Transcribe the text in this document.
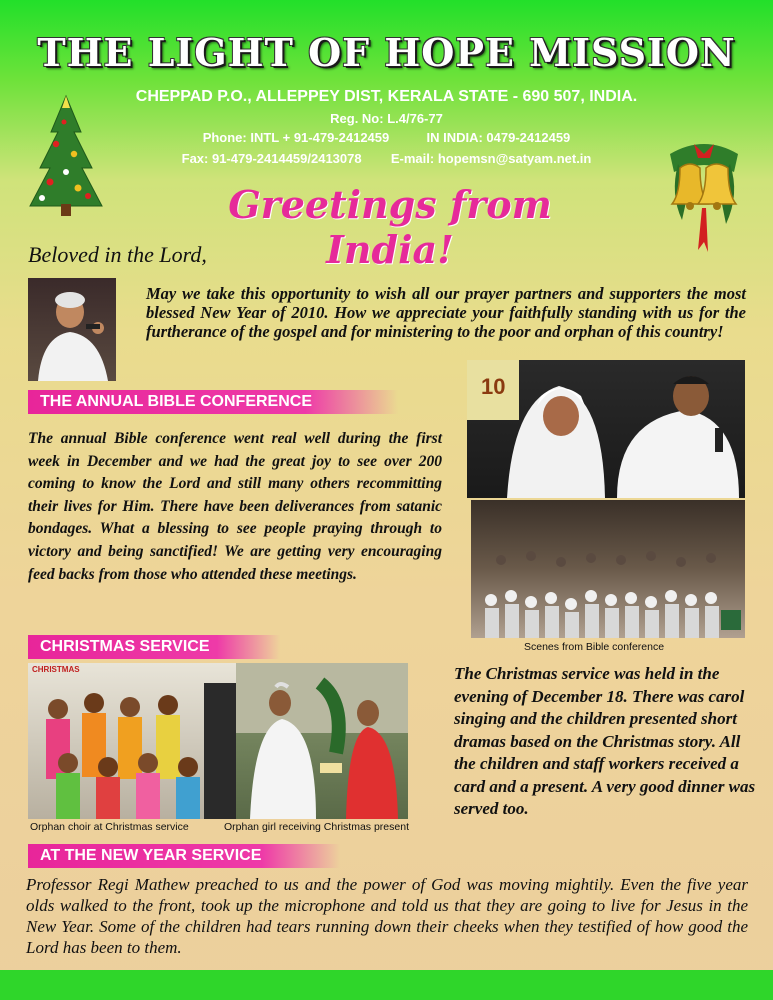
THE LIGHT OF HOPE MISSION
CHEPPAD P.O., ALLEPPEY DIST, KERALA STATE - 690 507, INDIA.
Reg. No: L.4/76-77
Phone: INTL + 91-479-2412459	IN INDIA: 0479-2412459
Fax: 91-479-2414459/2413078 E-mail: hopemsn@satyam.net.in
Greetings from India!
Beloved in the Lord,
May we take this opportunity to wish all our prayer partners and supporters the most blessed New Year of 2010. How we appreciate your faithfully standing with us for the furtherance of the gospel and for ministering to the poor and orphan of this country!
THE ANNUAL BIBLE CONFERENCE
The annual Bible conference went real well during the first week in December and we had the great joy to see over 200 coming to know the Lord and still many others recommitting their lives for Him. There have been deliverances from satanic bondages. What a blessing to see people praying through to victory and being sanctified! We are getting very encouraging feed backs from those who attended these meetings.
10
Scenes from Bible conference
CHRISTMAS SERVICE
CHRISTMAS
Orphan choir at Christmas service	Orphan girl receiving Christmas present
The Christmas service was held in the evening of December 18. There was carol singing and the children presented short dramas based on the Christmas story. All the children and staff workers received a card and a present. A very good dinner was served too.
AT THE NEW YEAR SERVICE
Professor Regi Mathew preached to us and the power of God was moving mightily. Even the five year olds walked to the front, took up the microphone and told us that they are going to live for Jesus in the New Year. Some of the children had tears running down their cheeks when they testified of how good the Lord has been to them.
